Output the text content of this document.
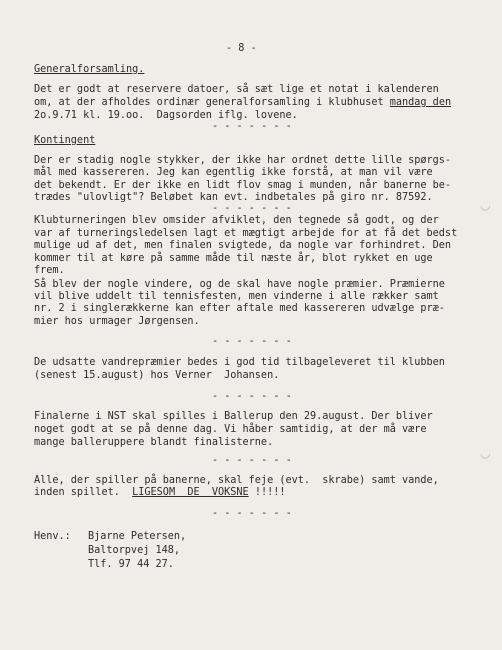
- 8 -
Generalforsamling.
Det er godt at reservere datoer, så sæt lige et notat i kalenderen
om, at der afholdes ordinær generalforsamling i klubhuset mandag den
2o.9.71 kl. 19.oo.  Dagsorden iflg. lovene.
- - - - - - -
Kontingent
Der er stadig nogle stykker, der ikke har ordnet dette lille spørgs-
mål med kassereren. Jeg kan egentlig ikke forstå, at man vil være
det bekendt. Er der ikke en lidt flov smag i munden, når banerne be-
trædes "ulovligt"? Beløbet kan evt. indbetales på giro nr. 87592.
- - - - - - -
Klubturneringen blev omsider afviklet, den tegnede så godt, og der
var af turneringsledelsen lagt et mægtigt arbejde for at få det bedst
mulige ud af det, men finalen svigtede, da nogle var forhindret. Den
kommer til at køre på samme måde til næste år, blot rykket en uge
frem.
Så blev der nogle vindere, og de skal have nogle præmier. Præmierne
vil blive uddelt til tennisfesten, men vinderne i alle rækker samt
nr. 2 i singlerækkerne kan efter aftale med kassereren udvælge præ-
mier hos urmager Jørgensen.
- - - - - - -
De udsatte vandrepræmier bedes i god tid tilbageleveret til klubben
(senest 15.august) hos Verner  Johansen.
- - - - - - -
Finalerne i NST skal spilles i Ballerup den 29.august. Der bliver
noget godt at se på denne dag. Vi håber samtidig, at der må være
mange balleruppere blandt finalisterne.
- - - - - - -
Alle, der spiller på banerne, skal feje (evt.  skrabe) samt vande,
inden spillet.  LIGESOM  DE  VOKSNE !!!!!
- - - - - - -
Henv.: Bjarne Petersen,
Baltorpvej 148,
Tlf. 97 44 27.
◡
◡
